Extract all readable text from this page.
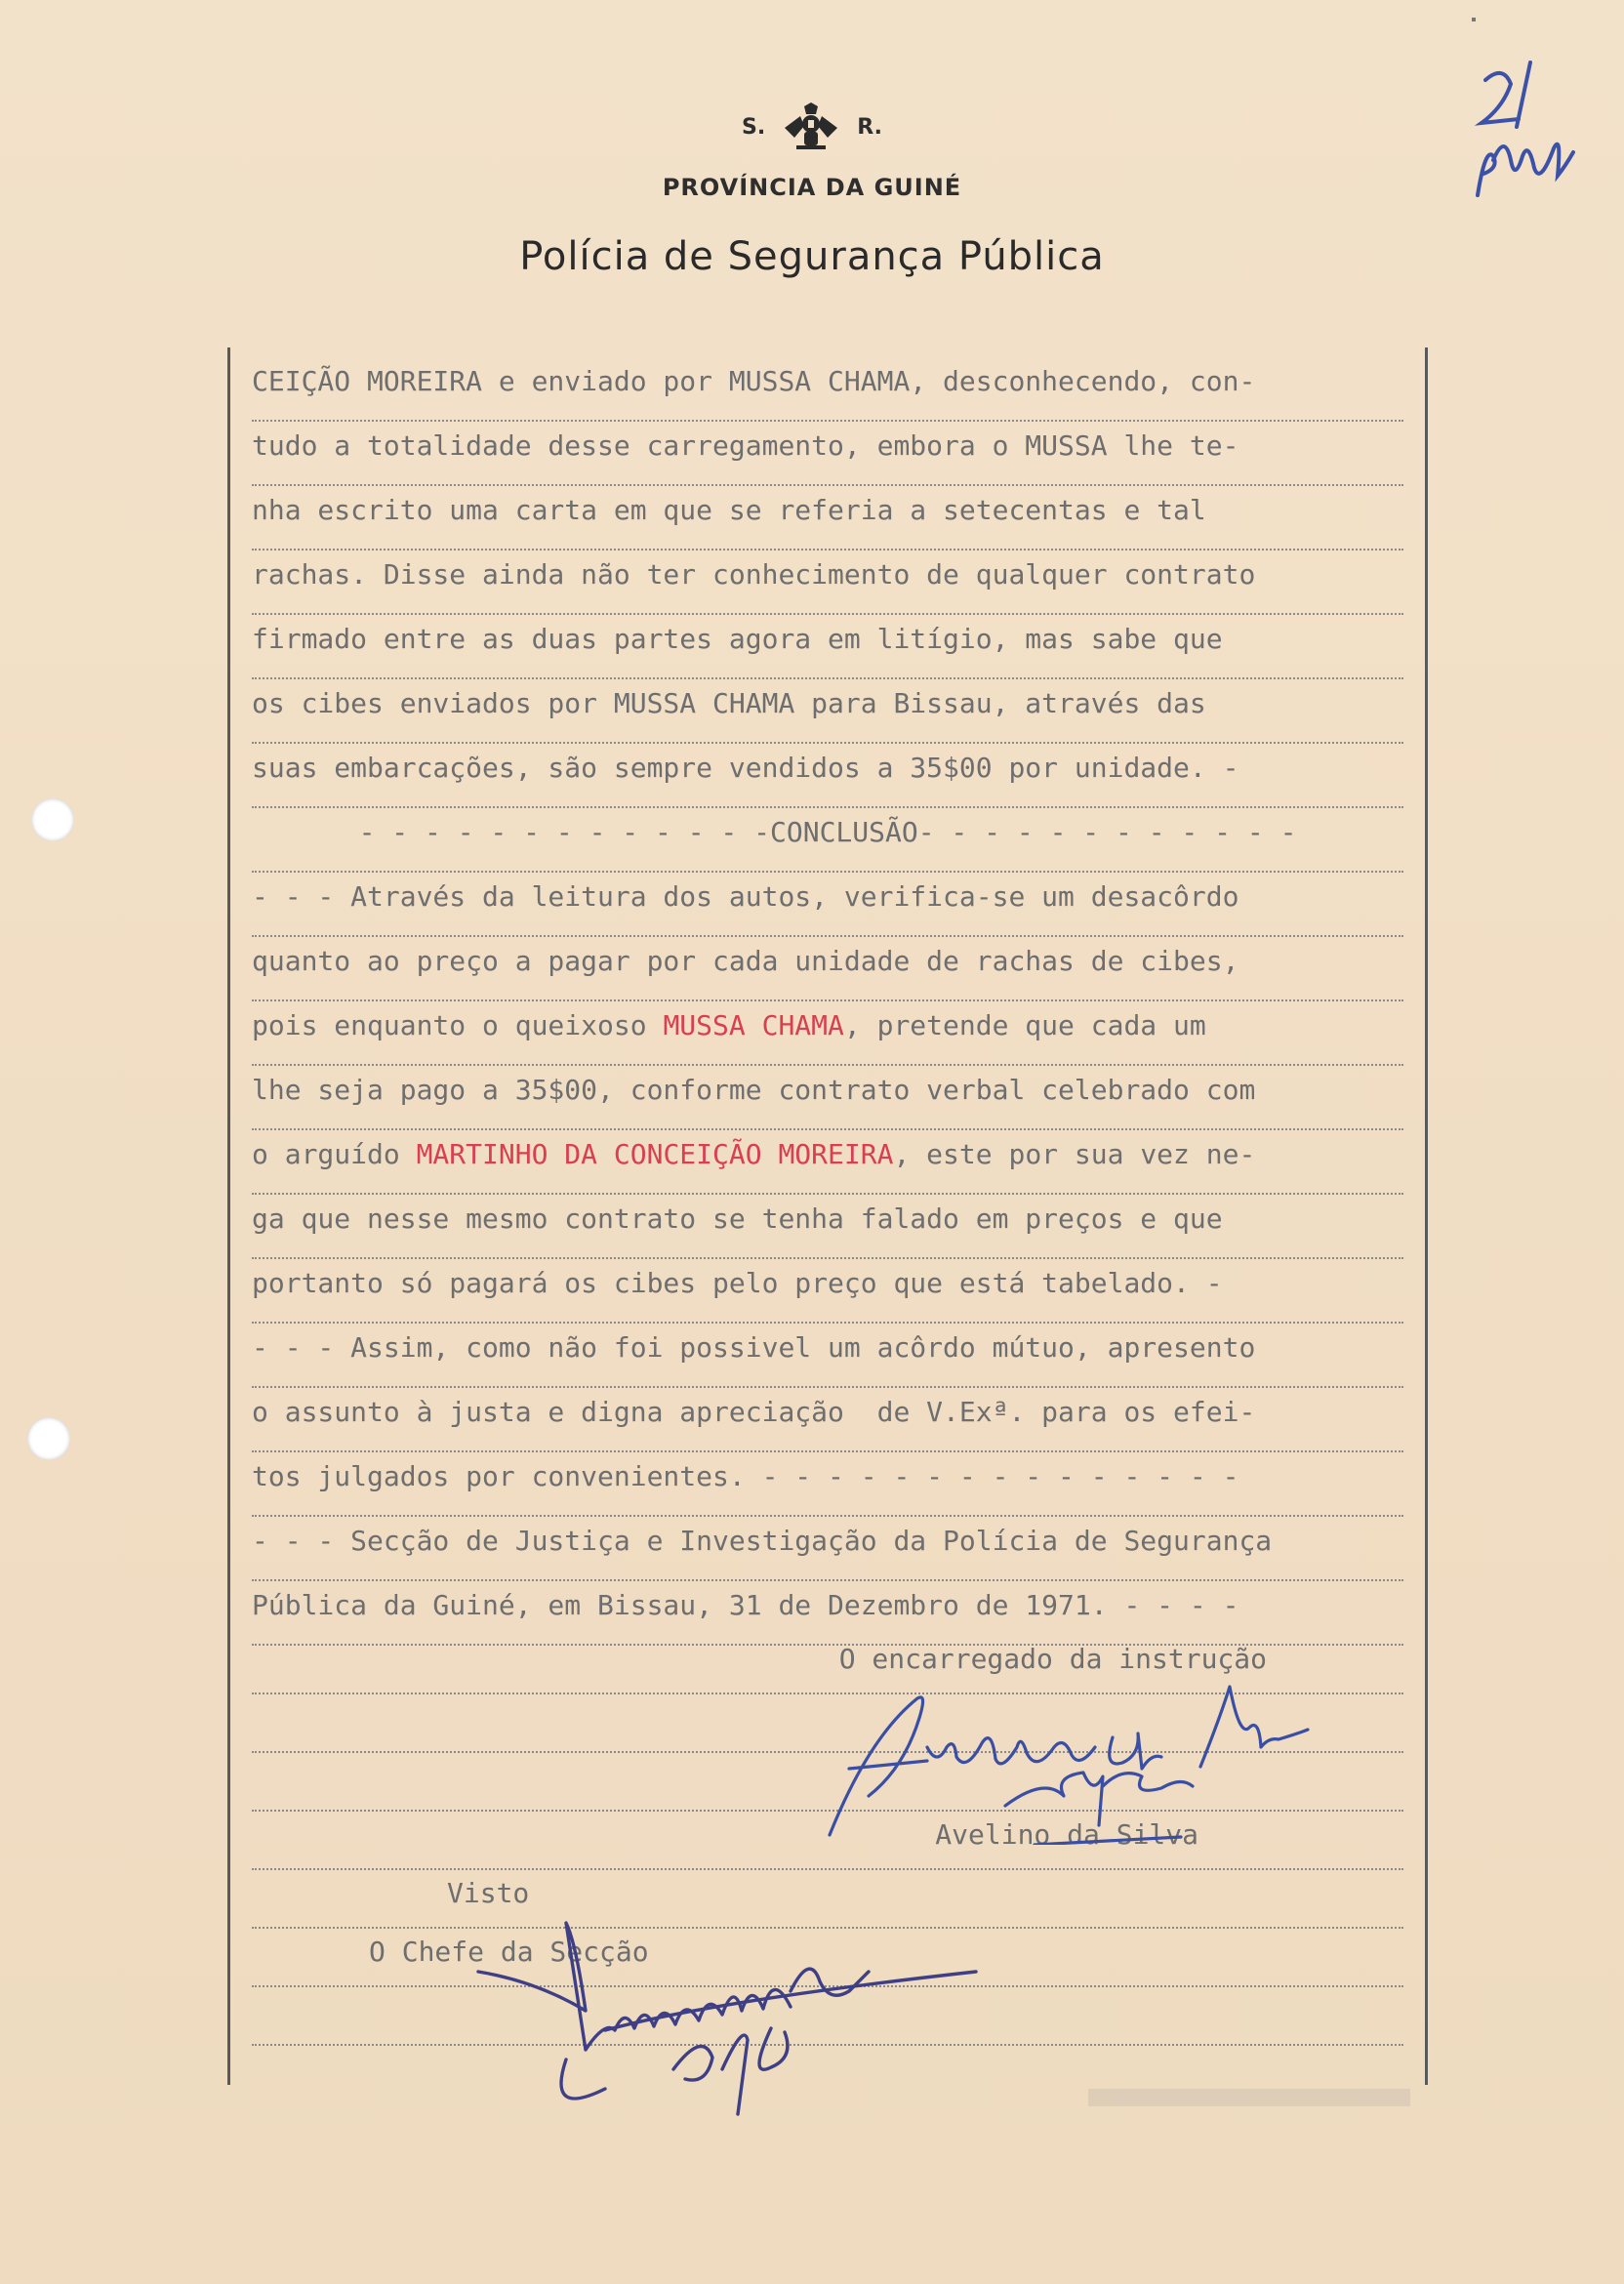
S.	R.
PROVÍNCIA DA GUINÉ
Polícia de Segurança Pública
CEIÇÃO MOREIRA e enviado por MUSSA CHAMA, desconhecendo, con-
tudo a totalidade desse carregamento, embora o MUSSA lhe te-
nha escrito uma carta em que se referia a setecentas e tal
rachas. Disse ainda não ter conhecimento de qualquer contrato
firmado entre as duas partes agora em litígio, mas sabe que
os cibes enviados por MUSSA CHAMA para Bissau, através das
suas embarcações, são sempre vendidos a 35$00 por unidade. -
- - - - - - - - - - - - -CONCLUSÃO- - - - - - - - - - - -
- - - Através da leitura dos autos, verifica-se um desacôrdo
quanto ao preço a pagar por cada unidade de rachas de cibes,
pois enquanto o queixoso MUSSA CHAMA, pretende que cada um
lhe seja pago a 35$00, conforme contrato verbal celebrado com
o arguído MARTINHO DA CONCEIÇÃO MOREIRA, este por sua vez ne-
ga que nesse mesmo contrato se tenha falado em preços e que
portanto só pagará os cibes pelo preço que está tabelado. -
- - - Assim, como não foi possivel um acôrdo mútuo, apresento
o assunto à justa e digna apreciação  de V.Exª. para os efei-
tos julgados por convenientes. - - - - - - - - - - - - - - -
- - - Secção de Justiça e Investigação da Polícia de Segurança
Pública da Guiné, em Bissau, 31 de Dezembro de 1971. - - - -
O encarregado da instrução
Avelino da Silva
Visto
O Chefe da Secção
